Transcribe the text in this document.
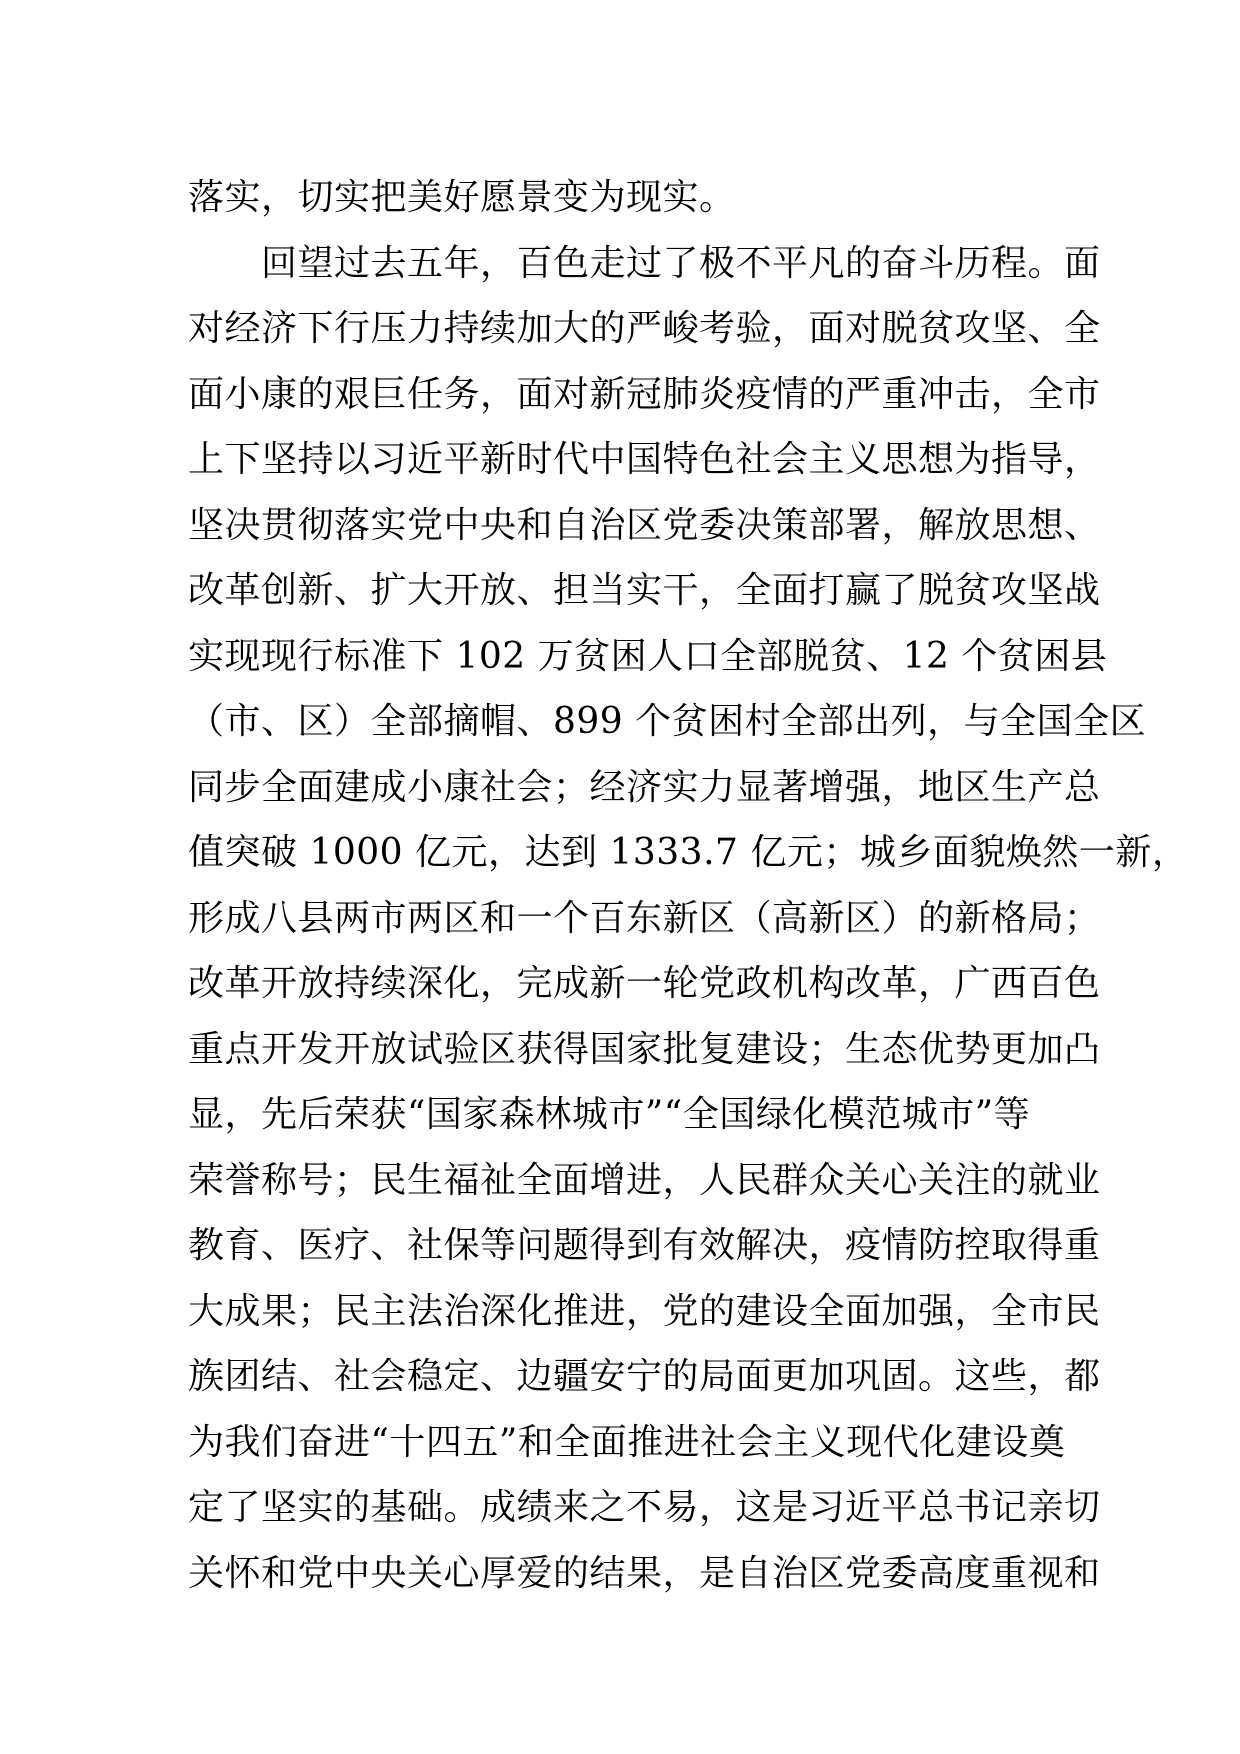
落实，切实把美好愿景变为现实。
　　回望过去五年，百色走过了极不平凡的奋斗历程。面
对经济下行压力持续加大的严峻考验，面对脱贫攻坚、全
面小康的艰巨任务，面对新冠肺炎疫情的严重冲击，全市
上下坚持以习近平新时代中国特色社会主义思想为指导，
坚决贯彻落实党中央和自治区党委决策部署，解放思想、
改革创新、扩大开放、担当实干，全面打赢了脱贫攻坚战
实现现行标准下 102 万贫困人口全部脱贫、12 个贫困县
（市、区）全部摘帽、899 个贫困村全部出列，与全国全区
同步全面建成小康社会；经济实力显著增强，地区生产总
值突破 1000 亿元，达到 1333.7 亿元；城乡面貌焕然一新，
形成八县两市两区和一个百东新区（高新区）的新格局；
改革开放持续深化，完成新一轮党政机构改革，广西百色
重点开发开放试验区获得国家批复建设；生态优势更加凸
显，先后荣获“国家森林城市”“全国绿化模范城市”等
荣誉称号；民生福祉全面增进，人民群众关心关注的就业
教育、医疗、社保等问题得到有效解决，疫情防控取得重
大成果；民主法治深化推进，党的建设全面加强，全市民
族团结、社会稳定、边疆安宁的局面更加巩固。这些，都
为我们奋进“十四五”和全面推进社会主义现代化建设奠
定了坚实的基础。成绩来之不易，这是习近平总书记亲切
关怀和党中央关心厚爱的结果，是自治区党委高度重视和
